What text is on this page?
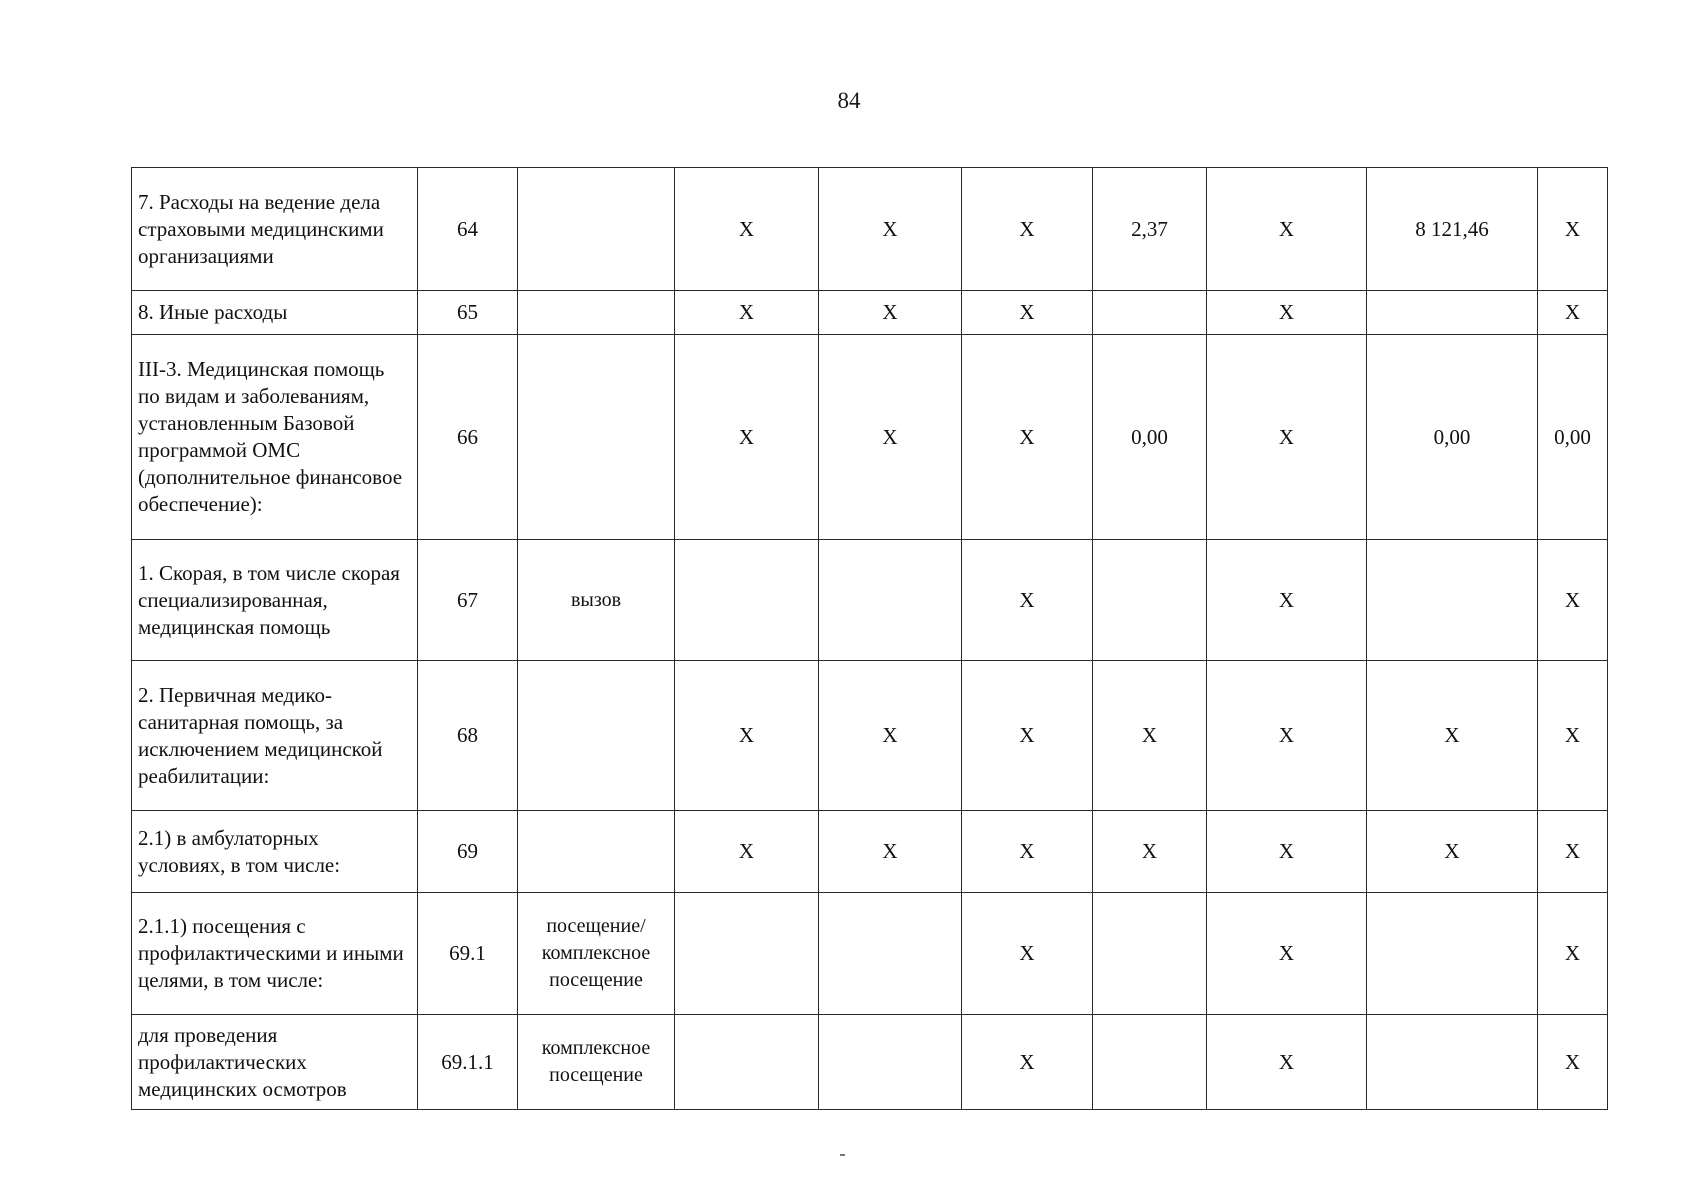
84
7. Расходы на ведение дела страховыми медицинскими организациями	64		X	X	X	2,37	X	8 121,46	X
8. Иные расходы	65		X	X	X		X		X
III-3. Медицинская помощь по видам и заболеваниям, установленным Базовой программой ОМС (дополнительное финансовое обеспечение):	66		X	X	X	0,00	X	0,00	0,00
1. Скорая, в том числе скорая специализированная, медицинская помощь	67	вызов			X		X		X
2. Первичная медико-санитарная помощь, за исключением медицинской реабилитации:	68		X	X	X	X	X	X	X
2.1) в амбулаторных условиях, в том числе:	69		X	X	X	X	X	X	X
2.1.1) посещения с профилактическими и иными целями, в том числе:	69.1	посещение/ комплексное посещение			X		X		X
для проведения профилактических медицинских осмотров	69.1.1	комплексное посещение			X		X		X
